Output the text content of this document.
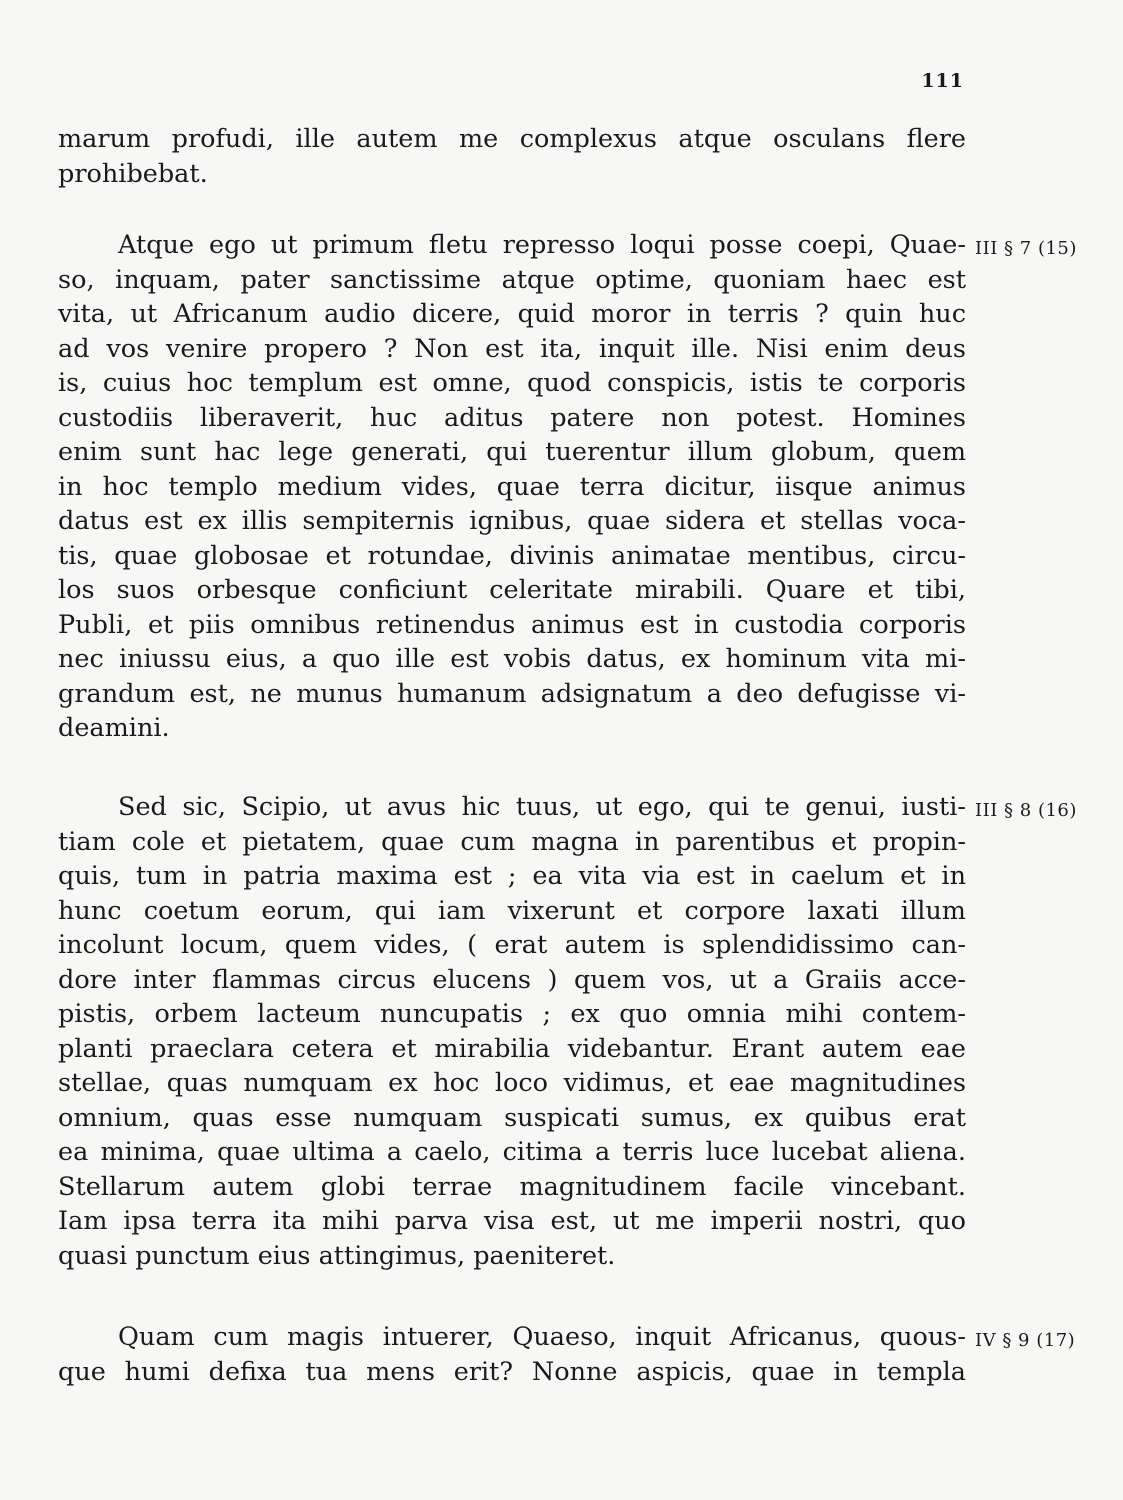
111
marum profudi, ille autem me complexus atque osculans flere
prohibebat.
III § 7 (15)
Atque ego ut primum fletu represso loqui posse coepi, Quae-
so, inquam, pater sanctissime atque optime, quoniam haec est
vita, ut Africanum audio dicere, quid moror in terris ? quin huc
ad vos venire propero ? Non est ita, inquit ille. Nisi enim deus
is, cuius hoc templum est omne, quod conspicis, istis te corporis
custodiis liberaverit, huc aditus patere non potest. Homines
enim sunt hac lege generati, qui tuerentur illum globum, quem
in hoc templo medium vides, quae terra dicitur, iisque animus
datus est ex illis sempiternis ignibus, quae sidera et stellas voca-
tis, quae globosae et rotundae, divinis animatae mentibus, circu-
los suos orbesque conficiunt celeritate mirabili. Quare et tibi,
Publi, et piis omnibus retinendus animus est in custodia corporis
nec iniussu eius, a quo ille est vobis datus, ex hominum vita mi-
grandum est, ne munus humanum adsignatum a deo defugisse vi-
deamini.
III § 8 (16)
Sed sic, Scipio, ut avus hic tuus, ut ego, qui te genui, iusti-
tiam cole et pietatem, quae cum magna in parentibus et propin-
quis, tum in patria maxima est ; ea vita via est in caelum et in
hunc coetum eorum, qui iam vixerunt et corpore laxati illum
incolunt locum, quem vides, ( erat autem is splendidissimo can-
dore inter flammas circus elucens ) quem vos, ut a Graiis acce-
pistis, orbem lacteum nuncupatis ; ex quo omnia mihi contem-
planti praeclara cetera et mirabilia videbantur. Erant autem eae
stellae, quas numquam ex hoc loco vidimus, et eae magnitudines
omnium, quas esse numquam suspicati sumus, ex quibus erat
ea minima, quae ultima a caelo, citima a terris luce lucebat aliena.
Stellarum autem globi terrae magnitudinem facile vincebant.
Iam ipsa terra ita mihi parva visa est, ut me imperii nostri, quo
quasi punctum eius attingimus, paeniteret.
IV § 9 (17)
Quam cum magis intuerer, Quaeso, inquit Africanus, quous-
que humi defixa tua mens erit? Nonne aspicis, quae in templa
